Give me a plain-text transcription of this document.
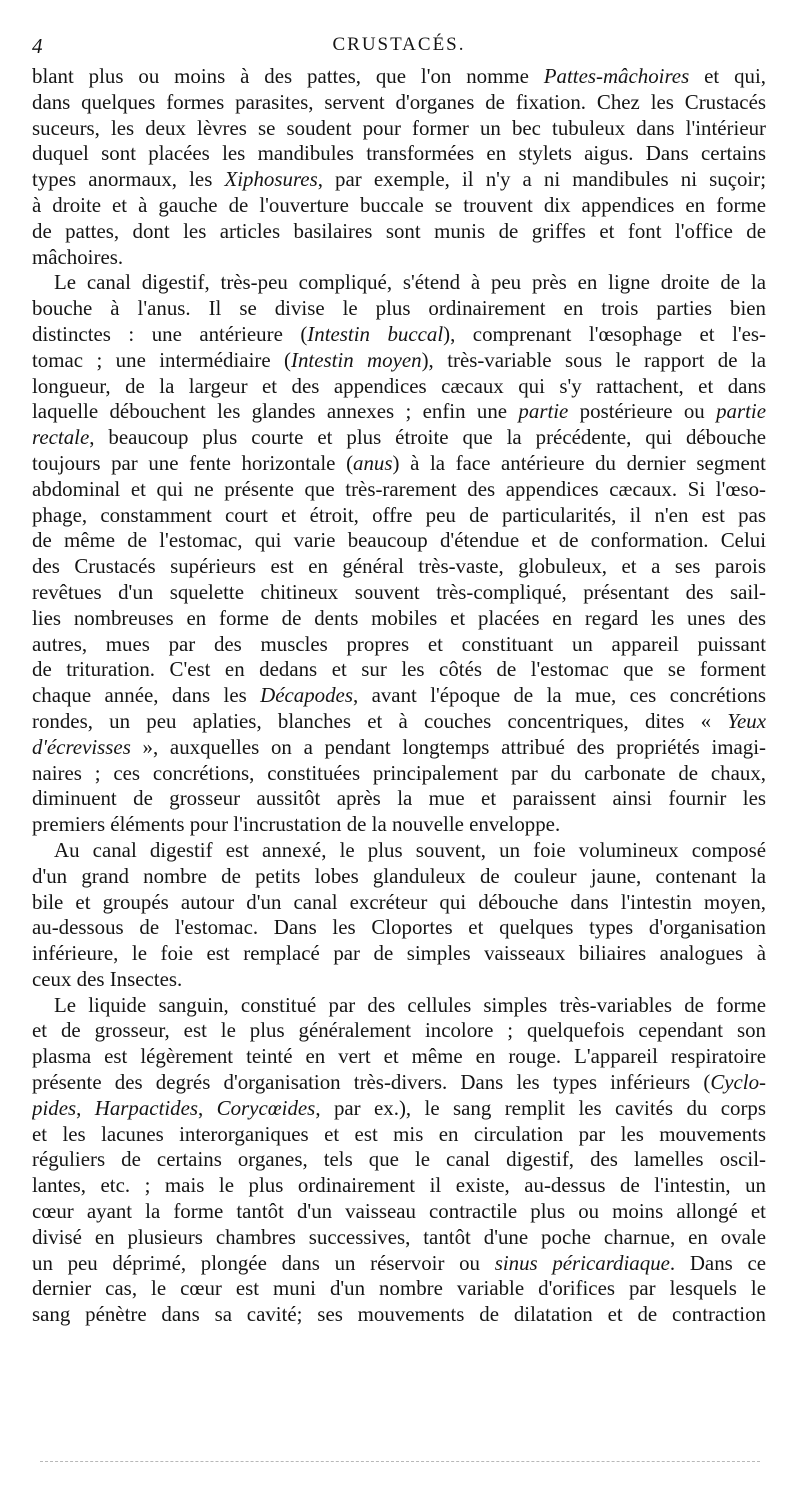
4	CRUSTACÉS.
blant plus ou moins à des pattes, que l'on nomme Pattes-mâchoires et qui,
dans quelques formes parasites, servent d'organes de fixation. Chez les Crustacés
suceurs, les deux lèvres se soudent pour former un bec tubuleux dans l'intérieur
duquel sont placées les mandibules transformées en stylets aigus. Dans certains
types anormaux, les Xiphosures, par exemple, il n'y a ni mandibules ni suçoir;
à droite et à gauche de l'ouverture buccale se trouvent dix appendices en forme
de pattes, dont les articles basilaires sont munis de griffes et font l'office de
mâchoires.
Le canal digestif, très-peu compliqué, s'étend à peu près en ligne droite de la
bouche à l'anus. Il se divise le plus ordinairement en trois parties bien
distinctes : une antérieure (Intestin buccal), comprenant l'œsophage et l'es-
tomac ; une intermédiaire (Intestin moyen), très-variable sous le rapport de la
longueur, de la largeur et des appendices cæcaux qui s'y rattachent, et dans
laquelle débouchent les glandes annexes ; enfin une partie postérieure ou partie
rectale, beaucoup plus courte et plus étroite que la précédente, qui débouche
toujours par une fente horizontale (anus) à la face antérieure du dernier segment
abdominal et qui ne présente que très-rarement des appendices cæcaux. Si l'œso-
phage, constamment court et étroit, offre peu de particularités, il n'en est pas
de même de l'estomac, qui varie beaucoup d'étendue et de conformation. Celui
des Crustacés supérieurs est en général très-vaste, globuleux, et a ses parois
revêtues d'un squelette chitineux souvent très-compliqué, présentant des sail-
lies nombreuses en forme de dents mobiles et placées en regard les unes des
autres, mues par des muscles propres et constituant un appareil puissant
de trituration. C'est en dedans et sur les côtés de l'estomac que se forment
chaque année, dans les Décapodes, avant l'époque de la mue, ces concrétions
rondes, un peu aplaties, blanches et à couches concentriques, dites « Yeux
d'écrevisses », auxquelles on a pendant longtemps attribué des propriétés imagi-
naires ; ces concrétions, constituées principalement par du carbonate de chaux,
diminuent de grosseur aussitôt après la mue et paraissent ainsi fournir les
premiers éléments pour l'incrustation de la nouvelle enveloppe.
Au canal digestif est annexé, le plus souvent, un foie volumineux composé
d'un grand nombre de petits lobes glanduleux de couleur jaune, contenant la
bile et groupés autour d'un canal excréteur qui débouche dans l'intestin moyen,
au-dessous de l'estomac. Dans les Cloportes et quelques types d'organisation
inférieure, le foie est remplacé par de simples vaisseaux biliaires analogues à
ceux des Insectes.
Le liquide sanguin, constitué par des cellules simples très-variables de forme
et de grosseur, est le plus généralement incolore ; quelquefois cependant son
plasma est légèrement teinté en vert et même en rouge. L'appareil respiratoire
présente des degrés d'organisation très-divers. Dans les types inférieurs (Cyclo-
pides, Harpactides, Corycœides, par ex.), le sang remplit les cavités du corps
et les lacunes interorganiques et est mis en circulation par les mouvements
réguliers de certains organes, tels que le canal digestif, des lamelles oscil-
lantes, etc. ; mais le plus ordinairement il existe, au-dessus de l'intestin, un
cœur ayant la forme tantôt d'un vaisseau contractile plus ou moins allongé et
divisé en plusieurs chambres successives, tantôt d'une poche charnue, en ovale
un peu déprimé, plongée dans un réservoir ou sinus péricardiaque. Dans ce
dernier cas, le cœur est muni d'un nombre variable d'orifices par lesquels le
sang pénètre dans sa cavité; ses mouvements de dilatation et de contraction
